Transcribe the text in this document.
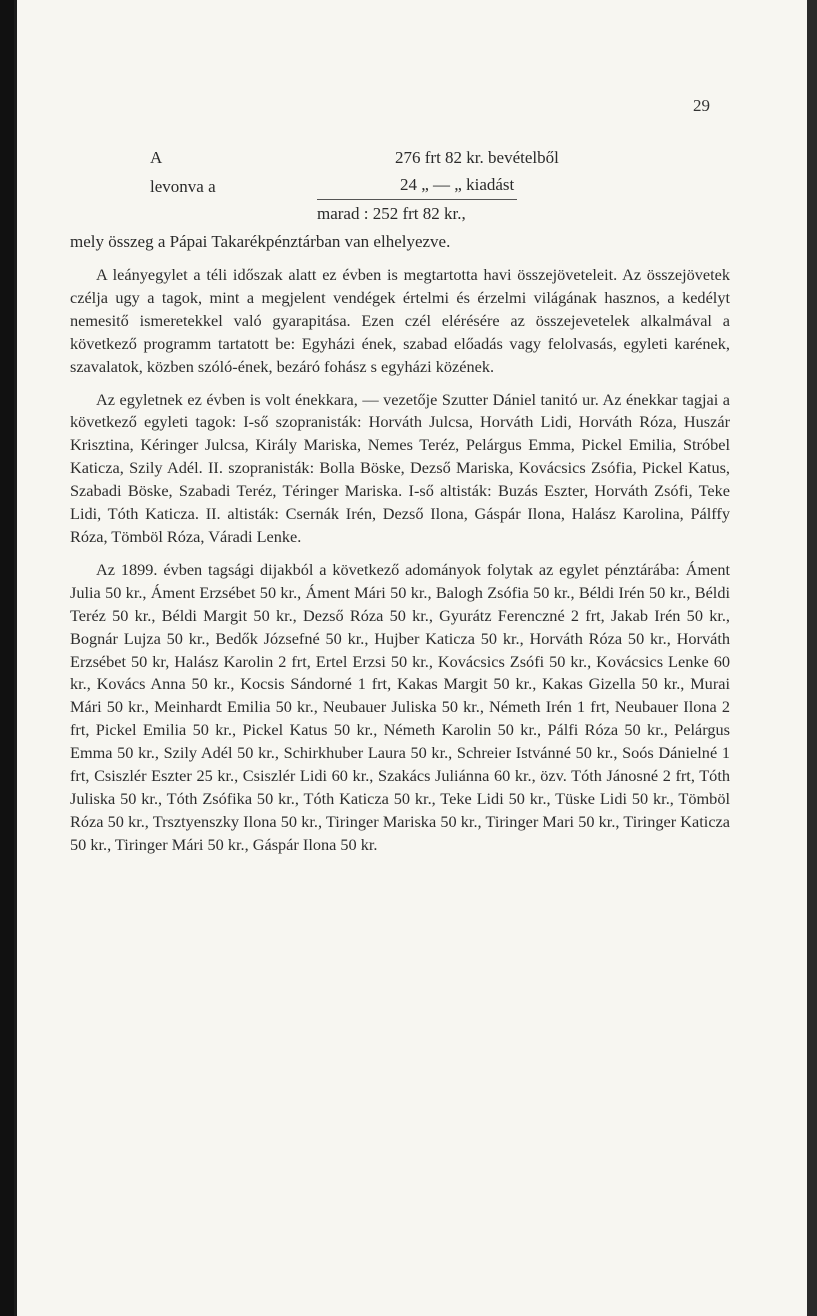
29
A	276 frt 82 kr. bevételből
levonva a	24 „ — „ kiadást
marad : 252 frt 82 kr.,
mely összeg a Pápai Takarékpénztárban van elhelyezve.

A leányegylet a téli időszak alatt ez évben is megtartotta havi összejöveteleit. Az összejövetek czélja ugy a tagok, mint a megjelent vendégek értelmi és érzelmi világának hasznos, a kedélyt nemesitő ismeretekkel való gyarapitása. Ezen czél elérésére az összejevetelek alkalmával a következő programm tartatott be: Egyházi ének, szabad előadás vagy felolvasás, egyleti karének, szavalatok, közben szóló-ének, bezáró fohász s egyházi közének.

Az egyletnek ez évben is volt énekkara, — vezetője Szutter Dániel tanitó ur. Az énekkar tagjai a következő egyleti tagok: I-ső szopranisták: Horváth Julcsa, Horváth Lidi, Horváth Róza, Huszár Krisztina, Kéringer Julcsa, Király Mariska, Nemes Teréz, Pelárgus Emma, Pickel Emilia, Stróbel Katicza, Szily Adél. II. szopranisták: Bolla Böske, Dezső Mariska, Kovácsics Zsófia, Pickel Katus, Szabadi Böske, Szabadi Teréz, Téringer Mariska. I-ső altisták: Buzás Eszter, Horváth Zsófi, Teke Lidi, Tóth Katicza. II. altisták: Csernák Irén, Dezső Ilona, Gáspár Ilona, Halász Karolina, Pálffy Róza, Tömböl Róza, Váradi Lenke.

Az 1899. évben tagsági dijakból a következő adományok folytak az egylet pénztárába: Áment Julia 50 kr., Áment Erzsébet 50 kr., Áment Mári 50 kr., Balogh Zsófia 50 kr., Béldi Irén 50 kr., Béldi Teréz 50 kr., Béldi Margit 50 kr., Dezső Róza 50 kr., Gyurátz Ferenczné 2 frt, Jakab Irén 50 kr., Bognár Lujza 50 kr., Bedők Józsefné 50 kr., Hujber Katicza 50 kr., Horváth Róza 50 kr., Horváth Erzsébet 50 kr, Halász Karolin 2 frt, Ertel Erzsi 50 kr., Kovácsics Zsófi 50 kr., Kovácsics Lenke 60 kr., Kovács Anna 50 kr., Kocsis Sándorné 1 frt, Kakas Margit 50 kr., Kakas Gizella 50 kr., Murai Mári 50 kr., Meinhardt Emilia 50 kr., Neubauer Juliska 50 kr., Németh Irén 1 frt, Neubauer Ilona 2 frt, Pickel Emilia 50 kr., Pickel Katus 50 kr., Németh Karolin 50 kr., Pálfi Róza 50 kr., Pelárgus Emma 50 kr., Szily Adél 50 kr., Schirkhuber Laura 50 kr., Schreier Istvánné 50 kr., Soós Dánielné 1 frt, Csiszlér Eszter 25 kr., Csiszlér Lidi 60 kr., Szakács Juliánna 60 kr., özv. Tóth Jánosné 2 frt, Tóth Juliska 50 kr., Tóth Zsófika 50 kr., Tóth Katicza 50 kr., Teke Lidi 50 kr., Tüske Lidi 50 kr., Tömböl Róza 50 kr., Trsztyenszky Ilona 50 kr., Tiringer Mariska 50 kr., Tiringer Mari 50 kr., Tiringer Katicza 50 kr., Tiringer Mári 50 kr., Gáspár Ilona 50 kr.
